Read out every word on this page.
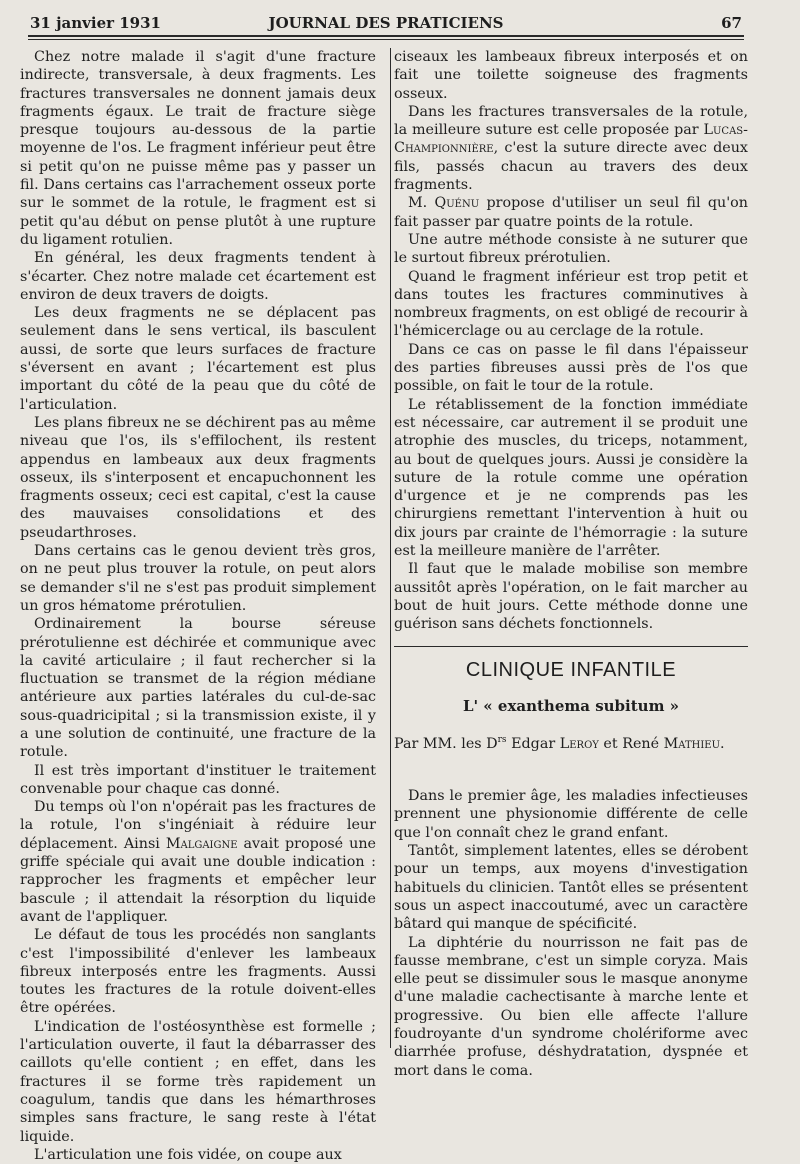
31 janvier 1931	JOURNAL DES PRATICIENS	67

Chez notre malade il s'agit d'une fracture indirecte, transversale, à deux fragments. Les fractures transversales ne donnent jamais deux fragments égaux. Le trait de fracture siège presque toujours au-dessous de la partie moyenne de l'os. Le fragment inférieur peut être si petit qu'on ne puisse même pas y passer un fil. Dans certains cas l'arrachement osseux porte sur le sommet de la rotule, le fragment est si petit qu'au début on pense plutôt à une rupture du ligament rotulien.

En général, les deux fragments tendent à s'écarter. Chez notre malade cet écartement est environ de deux travers de doigts.

Les deux fragments ne se déplacent pas seulement dans le sens vertical, ils basculent aussi, de sorte que leurs surfaces de fracture s'éversent en avant ; l'écartement est plus important du côté de la peau que du côté de l'articulation.

Les plans fibreux ne se déchirent pas au même niveau que l'os, ils s'effilochent, ils restent appendus en lambeaux aux deux fragments osseux, ils s'interposent et encapuchonnent les fragments osseux; ceci est capital, c'est la cause des mauvaises consolidations et des pseudarthroses.

Dans certains cas le genou devient très gros, on ne peut plus trouver la rotule, on peut alors se demander s'il ne s'est pas produit simplement un gros hématome prérotulien.

Ordinairement la bourse séreuse prérotulienne est déchirée et communique avec la cavité articulaire ; il faut rechercher si la fluctuation se transmet de la région médiane antérieure aux parties latérales du cul-de-sac sous-quadricipital ; si la transmission existe, il y a une solution de continuité, une fracture de la rotule.

Il est très important d'instituer le traitement convenable pour chaque cas donné.

Du temps où l'on n'opérait pas les fractures de la rotule, l'on s'ingéniait à réduire leur déplacement. Ainsi Malgaigne avait proposé une griffe spéciale qui avait une double indication : rapprocher les fragments et empêcher leur bascule ; il attendait la résorption du liquide avant de l'appliquer.

Le défaut de tous les procédés non sanglants c'est l'impossibilité d'enlever les lambeaux fibreux interposés entre les fragments. Aussi toutes les fractures de la rotule doivent-elles être opérées.

L'indication de l'ostéosynthèse est formelle ; l'articulation ouverte, il faut la débarrasser des caillots qu'elle contient ; en effet, dans les fractures il se forme très rapidement un coagulum, tandis que dans les hémarthroses simples sans fracture, le sang reste à l'état liquide.

L'articulation une fois vidée, on coupe aux

ciseaux les lambeaux fibreux interposés et on fait une toilette soigneuse des fragments osseux.

Dans les fractures transversales de la rotule, la meilleure suture est celle proposée par Lucas-Championnière, c'est la suture directe avec deux fils, passés chacun au travers des deux fragments.

M. Quénu propose d'utiliser un seul fil qu'on fait passer par quatre points de la rotule.

Une autre méthode consiste à ne suturer que le surtout fibreux prérotulien.

Quand le fragment inférieur est trop petit et dans toutes les fractures comminutives à nombreux fragments, on est obligé de recourir à l'hémicerclage ou au cerclage de la rotule.

Dans ce cas on passe le fil dans l'épaisseur des parties fibreuses aussi près de l'os que possible, on fait le tour de la rotule.

Le rétablissement de la fonction immédiate est nécessaire, car autrement il se produit une atrophie des muscles, du triceps, notamment, au bout de quelques jours. Aussi je considère la suture de la rotule comme une opération d'urgence et je ne comprends pas les chirurgiens remettant l'intervention à huit ou dix jours par crainte de l'hémorragie : la suture est la meilleure manière de l'arrêter.

Il faut que le malade mobilise son membre aussitôt après l'opération, on le fait marcher au bout de huit jours. Cette méthode donne une guérison sans déchets fonctionnels.

CLINIQUE INFANTILE
L' « exanthema subitum »
Par MM. les $D^{rs}$ Edgar Leroy et René Mathieu.

Dans le premier âge, les maladies infectieuses prennent une physionomie différente de celle que l'on connaît chez le grand enfant.

Tantôt, simplement latentes, elles se dérobent pour un temps, aux moyens d'investigation habituels du clinicien. Tantôt elles se présentent sous un aspect inaccoutumé, avec un caractère bâtard qui manque de spécificité.

La diphtérie du nourrisson ne fait pas de fausse membrane, c'est un simple coryza. Mais elle peut se dissimuler sous le masque anonyme d'une maladie cachectisante à marche lente et progressive. Ou bien elle affecte l'allure foudroyante d'un syndrome cholériforme avec diarrhée profuse, déshydratation, dyspnée et mort dans le coma.
